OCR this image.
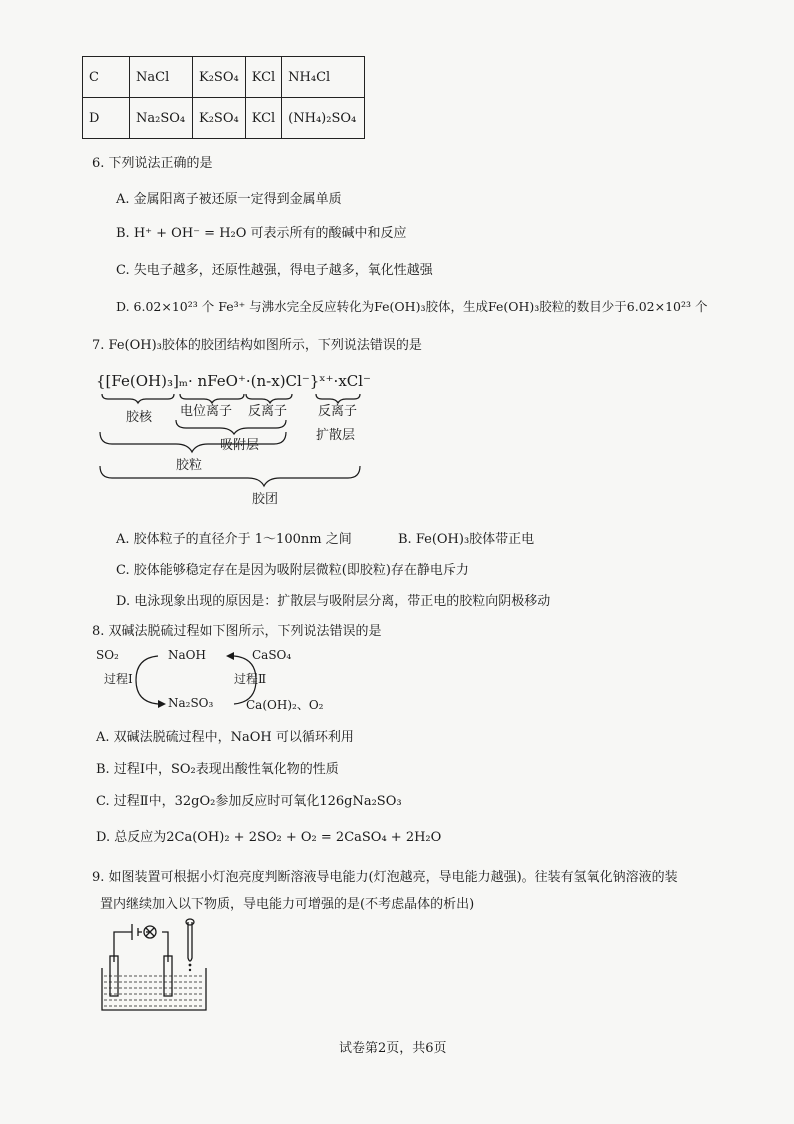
C	NaCl	K₂SO₄	KCl	NH₄Cl
D	Na₂SO₄	K₂SO₄	KCl	(NH₄)₂SO₄
6. 下列说法正确的是
A. 金属阳离子被还原一定得到金属单质
B. H⁺ + OH⁻ = H₂O 可表示所有的酸碱中和反应
C. 失电子越多，还原性越强，得电子越多，氧化性越强
D. 6.02×10²³ 个 Fe³⁺ 与沸水完全反应转化为Fe(OH)₃胶体，生成Fe(OH)₃胶粒的数目少于6.02×10²³ 个
7. Fe(OH)₃胶体的胶团结构如图所示，下列说法错误的是
{[Fe(OH)₃]ₘ· nFeO⁺·(n-x)Cl⁻}ˣ⁺·xCl⁻
胶核 电位离子 反离子 反离子
吸附层
扩散层
胶粒
胶团
A. 胶体粒子的直径介于 1～100nm 之间	B. Fe(OH)₃胶体带正电
C. 胶体能够稳定存在是因为吸附层微粒(即胶粒)存在静电斥力
D. 电泳现象出现的原因是：扩散层与吸附层分离，带正电的胶粒向阴极移动
8. 双碱法脱硫过程如下图所示，下列说法错误的是
SO₂	NaOH	CaSO₄
过程Ⅰ	过程Ⅱ
Na₂SO₃	Ca(OH)₂、O₂
A. 双碱法脱硫过程中，NaOH 可以循环利用
B. 过程Ⅰ中，SO₂表现出酸性氧化物的性质
C. 过程Ⅱ中，32gO₂参加反应时可氧化126gNa₂SO₃
D. 总反应为2Ca(OH)₂ + 2SO₂ + O₂ = 2CaSO₄ + 2H₂O
9. 如图装置可根据小灯泡亮度判断溶液导电能力(灯泡越亮，导电能力越强)。往装有氢氧化钠溶液的装
置内继续加入以下物质，导电能力可增强的是(不考虑晶体的析出)
试卷第2页，共6页
